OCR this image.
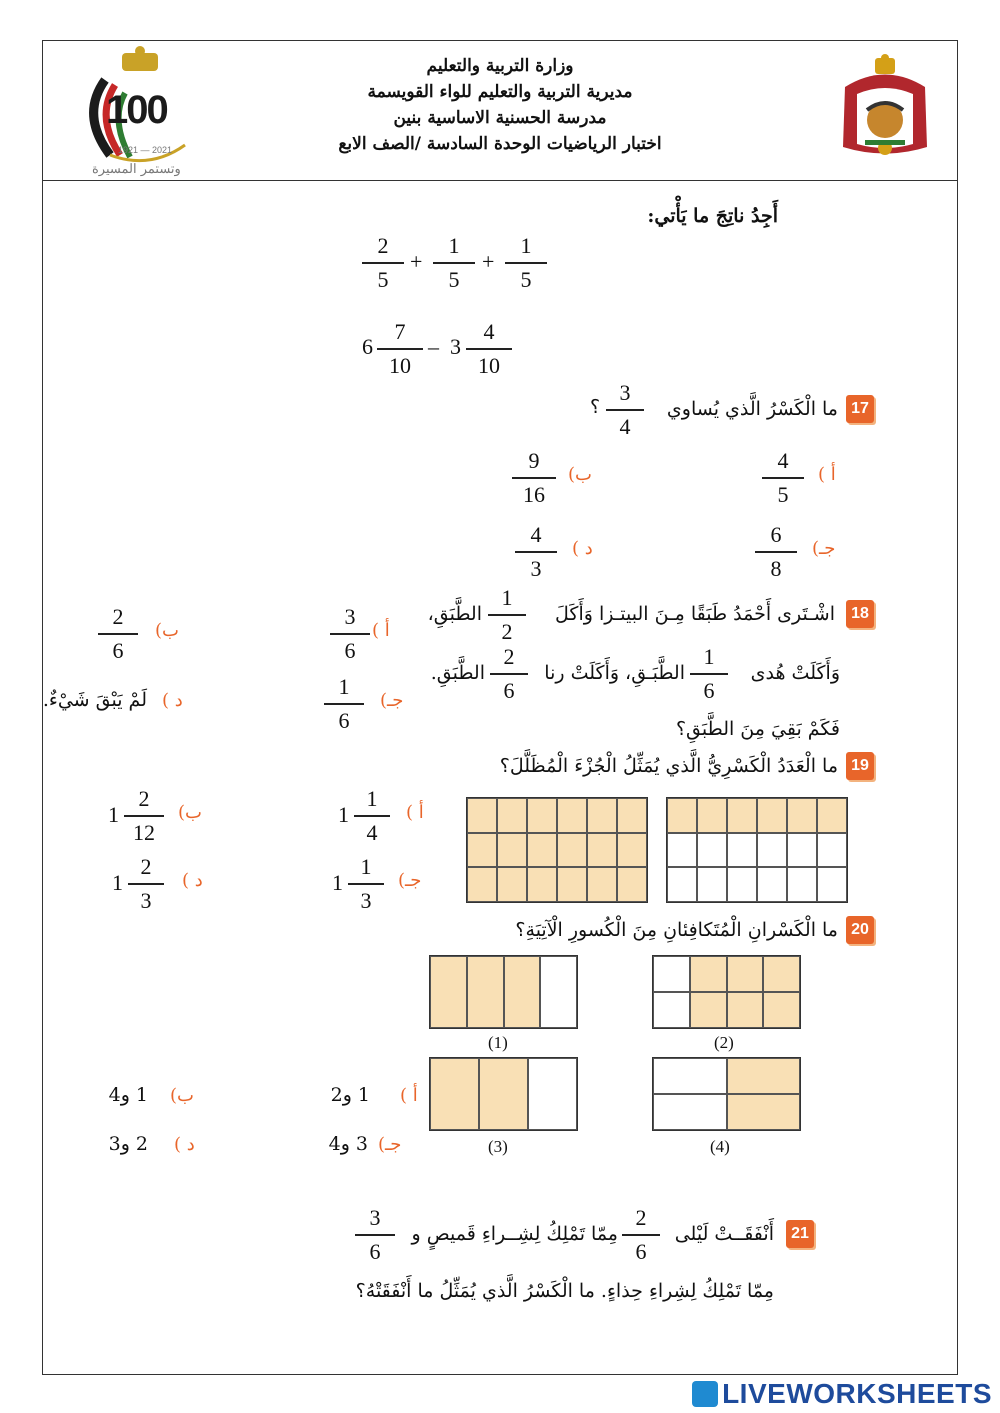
وزارة التربية والتعليم
مديرية التربية والتعليم للواء القويسمة
مدرسة الحسنية الاساسية بنين
اختبار الرياضيات الوحدة السادسة /الصف الابع
100
1921 — 2021
وتستمر المسيرة
أَجِدُ ناتِجَ ما يَأْتي:
2
5
+
1
5
+
1
5
6
7
10
– 3
4
10
17
ما الْكَسْرُ الَّذي يُساوي
3
4
؟
أ )
4
5
ب)
9
16
جـ)
6
8
د )
4
3
18
اشْـتَرى أَحْمَدُ طَبَقًا مِـنَ البيتـزا وَأَكَلَ
1
2
الطَّبَقِ،
وَأَكَلَتْ هُدى
1
6
الطَّبَـقِ، وَأَكَلَتْ رنا
2
6
الطَّبَقِ.
فَكَمْ بَقِيَ مِنَ الطَّبَقِ؟
أ )
3
6
ب)
2
6
جـ)
1
6
د )
لَمْ يَبْقَ شَيْءٌ.
19
ما الْعَدَدُ الْكَسْرِيُّ الَّذي يُمَثِّلُ الْجُزْءَ الْمُظَلَّلَ؟
أ )
1
1
4
ب)
1
2
12
جـ)
1
1
3
د )
1
2
3
20
ما الْكَسْرانِ الْمُتَكافِئانِ مِنَ الْكُسورِ الْآتِيَةِ؟
(1)	(2)
(3)	(4)
أ )
1 و2
ب)
1 و4
جـ)
3 و4
د )
2 و3
21
أَنْفَقَــتْ لَيْلى
2
6
مِمّا تَمْلِكُ لِشِــراءِ قَميصٍ و
3
6
مِمّا تَمْلِكُ لِشِراءِ حِذاءٍ. ما الْكَسْرُ الَّذي يُمَثِّلُ ما أَنْفَقَتْهُ؟
LIVEWORKSHEETS
